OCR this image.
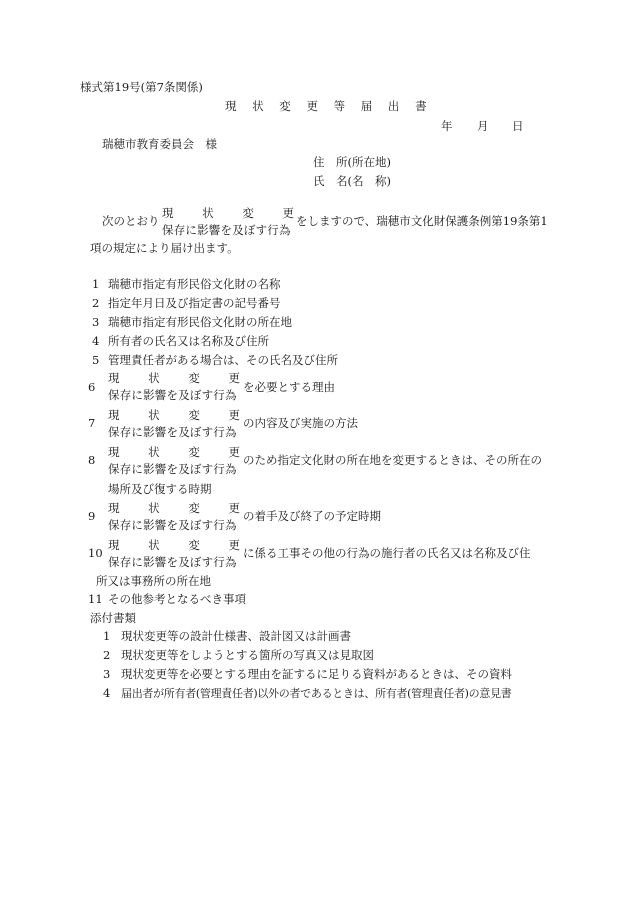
様式第19号(第7条関係)
現 状 変 更 等 届 出 書
年 月 日
瑞穂市教育委員会　様
住　所(所在地)
氏　名(名　称)
次のとおり
現 状 変 更
保存に影響を及ぼす行為
をしますので、瑞穂市文化財保護条例第19条第1
項の規定により届け出ます。
1 瑞穂市指定有形民俗文化財の名称
2 指定年月日及び指定書の記号番号
3 瑞穂市指定有形民俗文化財の所在地
4 所有者の氏名又は名称及び住所
5 管理責任者がある場合は、その氏名及び住所
6
現 状 変 更
保存に影響を及ぼす行為
を必要とする理由
7
現 状 変 更
保存に影響を及ぼす行為
の内容及び実施の方法
8
現 状 変 更
保存に影響を及ぼす行為
のため指定文化財の所在地を変更するときは、その所在の
場所及び復する時期
9
現 状 変 更
保存に影響を及ぼす行為
の着手及び終了の予定時期
10
現 状 変 更
保存に影響を及ぼす行為
に係る工事その他の行為の施行者の氏名又は名称及び住
所又は事務所の所在地
11 その他参考となるべき事項
添付書類
1 現状変更等の設計仕様書、設計図又は計画書
2 現状変更等をしようとする箇所の写真又は見取図
3 現状変更等を必要とする理由を証するに足りる資料があるときは、その資料
4 届出者が所有者(管理責任者)以外の者であるときは、所有者(管理責任者)の意見書
